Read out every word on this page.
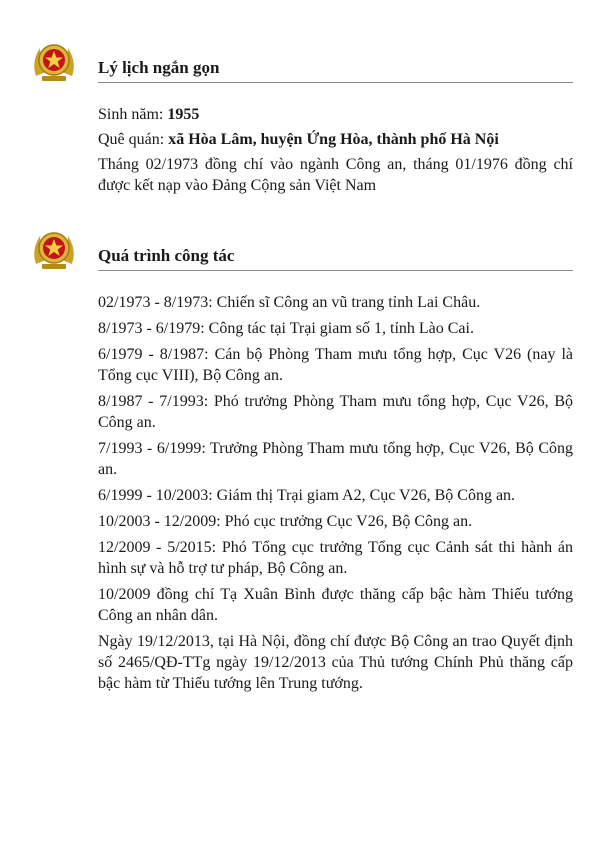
Lý lịch ngắn gọn

Sinh năm: 1955

Quê quán: xã Hòa Lâm, huyện Ứng Hòa, thành phố Hà Nội

Tháng 02/1973 đồng chí vào ngành Công an, tháng 01/1976 đồng chí được kết nạp vào Đảng Cộng sản Việt Nam

Quá trình công tác

02/1973 - 8/1973: Chiến sĩ Công an vũ trang tỉnh Lai Châu.

8/1973 - 6/1979: Công tác tại Trại giam số 1, tỉnh Lào Cai.

6/1979 - 8/1987: Cán bộ Phòng Tham mưu tổng hợp, Cục V26 (nay là Tổng cục VIII), Bộ Công an.

8/1987 - 7/1993: Phó trưởng Phòng Tham mưu tổng hợp, Cục V26, Bộ Công an.

7/1993 - 6/1999: Trưởng Phòng Tham mưu tổng hợp, Cục V26, Bộ Công an.

6/1999 - 10/2003: Giám thị Trại giam A2, Cục V26, Bộ Công an.

10/2003 - 12/2009: Phó cục trưởng Cục V26, Bộ Công an.

12/2009 - 5/2015: Phó Tổng cục trưởng Tổng cục Cảnh sát thi hành án hình sự và hỗ trợ tư pháp, Bộ Công an.

10/2009 đồng chí Tạ Xuân Bình được thăng cấp bậc hàm Thiếu tướng Công an nhân dân.

Ngày 19/12/2013, tại Hà Nội, đồng chí được Bộ Công an trao Quyết định số 2465/QĐ-TTg ngày 19/12/2013 của Thủ tướng Chính Phủ thăng cấp bậc hàm từ Thiếu tướng lên Trung tướng.
